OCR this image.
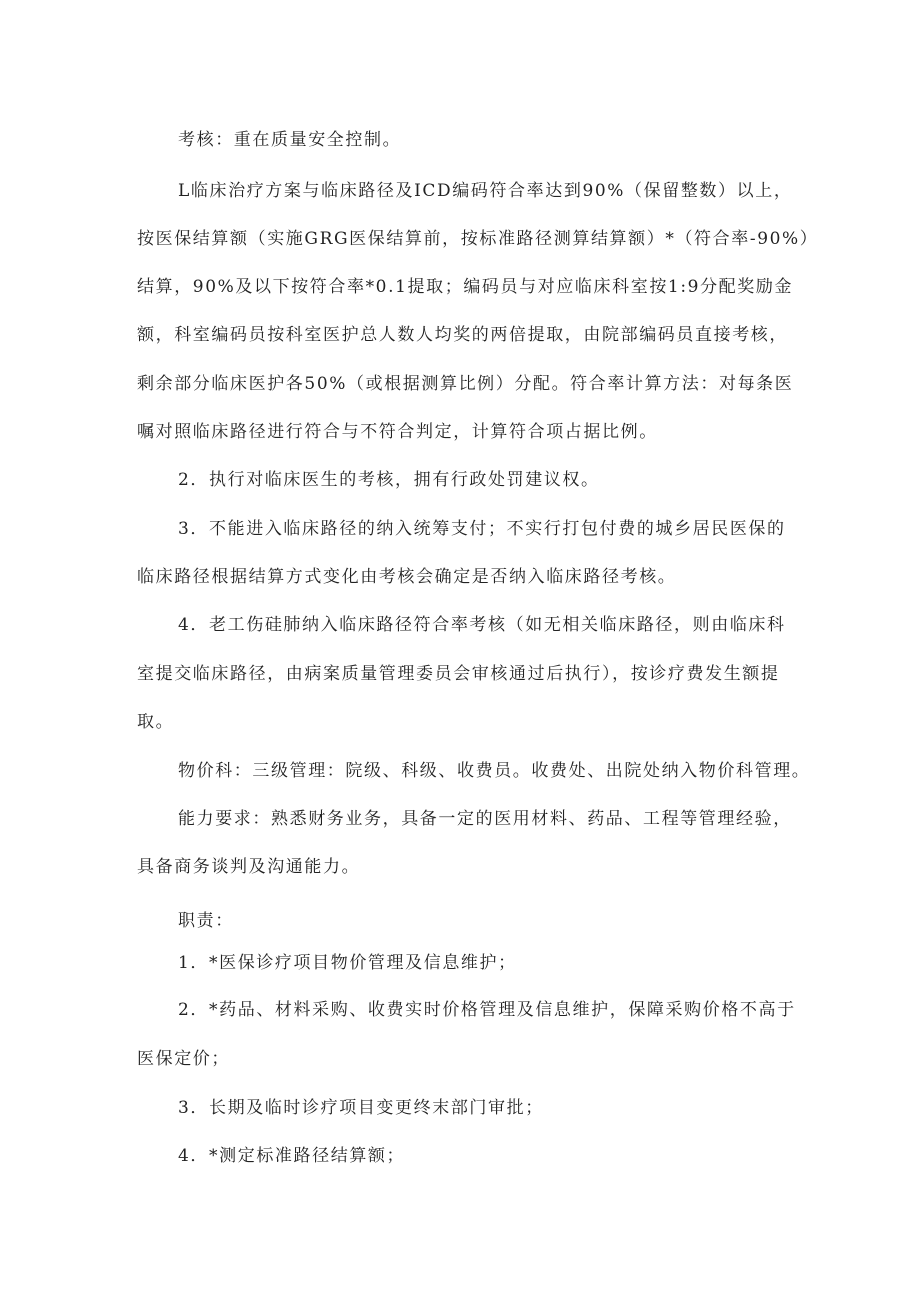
考核：重在质量安全控制。
L临床治疗方案与临床路径及ICD编码符合率达到90%（保留整数）以上，
按医保结算额（实施GRG医保结算前，按标准路径测算结算额）*（符合率-90%）
结算，90%及以下按符合率*0.1提取；编码员与对应临床科室按1:9分配奖励金
额，科室编码员按科室医护总人数人均奖的两倍提取，由院部编码员直接考核，
剩余部分临床医护各50%（或根据测算比例）分配。符合率计算方法：对每条医
嘱对照临床路径进行符合与不符合判定，计算符合项占据比例。
2．执行对临床医生的考核，拥有行政处罚建议权。
3．不能进入临床路径的纳入统筹支付；不实行打包付费的城乡居民医保的
临床路径根据结算方式变化由考核会确定是否纳入临床路径考核。
4．老工伤硅肺纳入临床路径符合率考核（如无相关临床路径，则由临床科
室提交临床路径，由病案质量管理委员会审核通过后执行），按诊疗费发生额提
取。
物价科：三级管理：院级、科级、收费员。收费处、出院处纳入物价科管理。
能力要求：熟悉财务业务，具备一定的医用材料、药品、工程等管理经验，
具备商务谈判及沟通能力。
职责：
1．*医保诊疗项目物价管理及信息维护；
2．*药品、材料采购、收费实时价格管理及信息维护，保障采购价格不高于
医保定价；
3．长期及临时诊疗项目变更终末部门审批；
4．*测定标准路径结算额；
